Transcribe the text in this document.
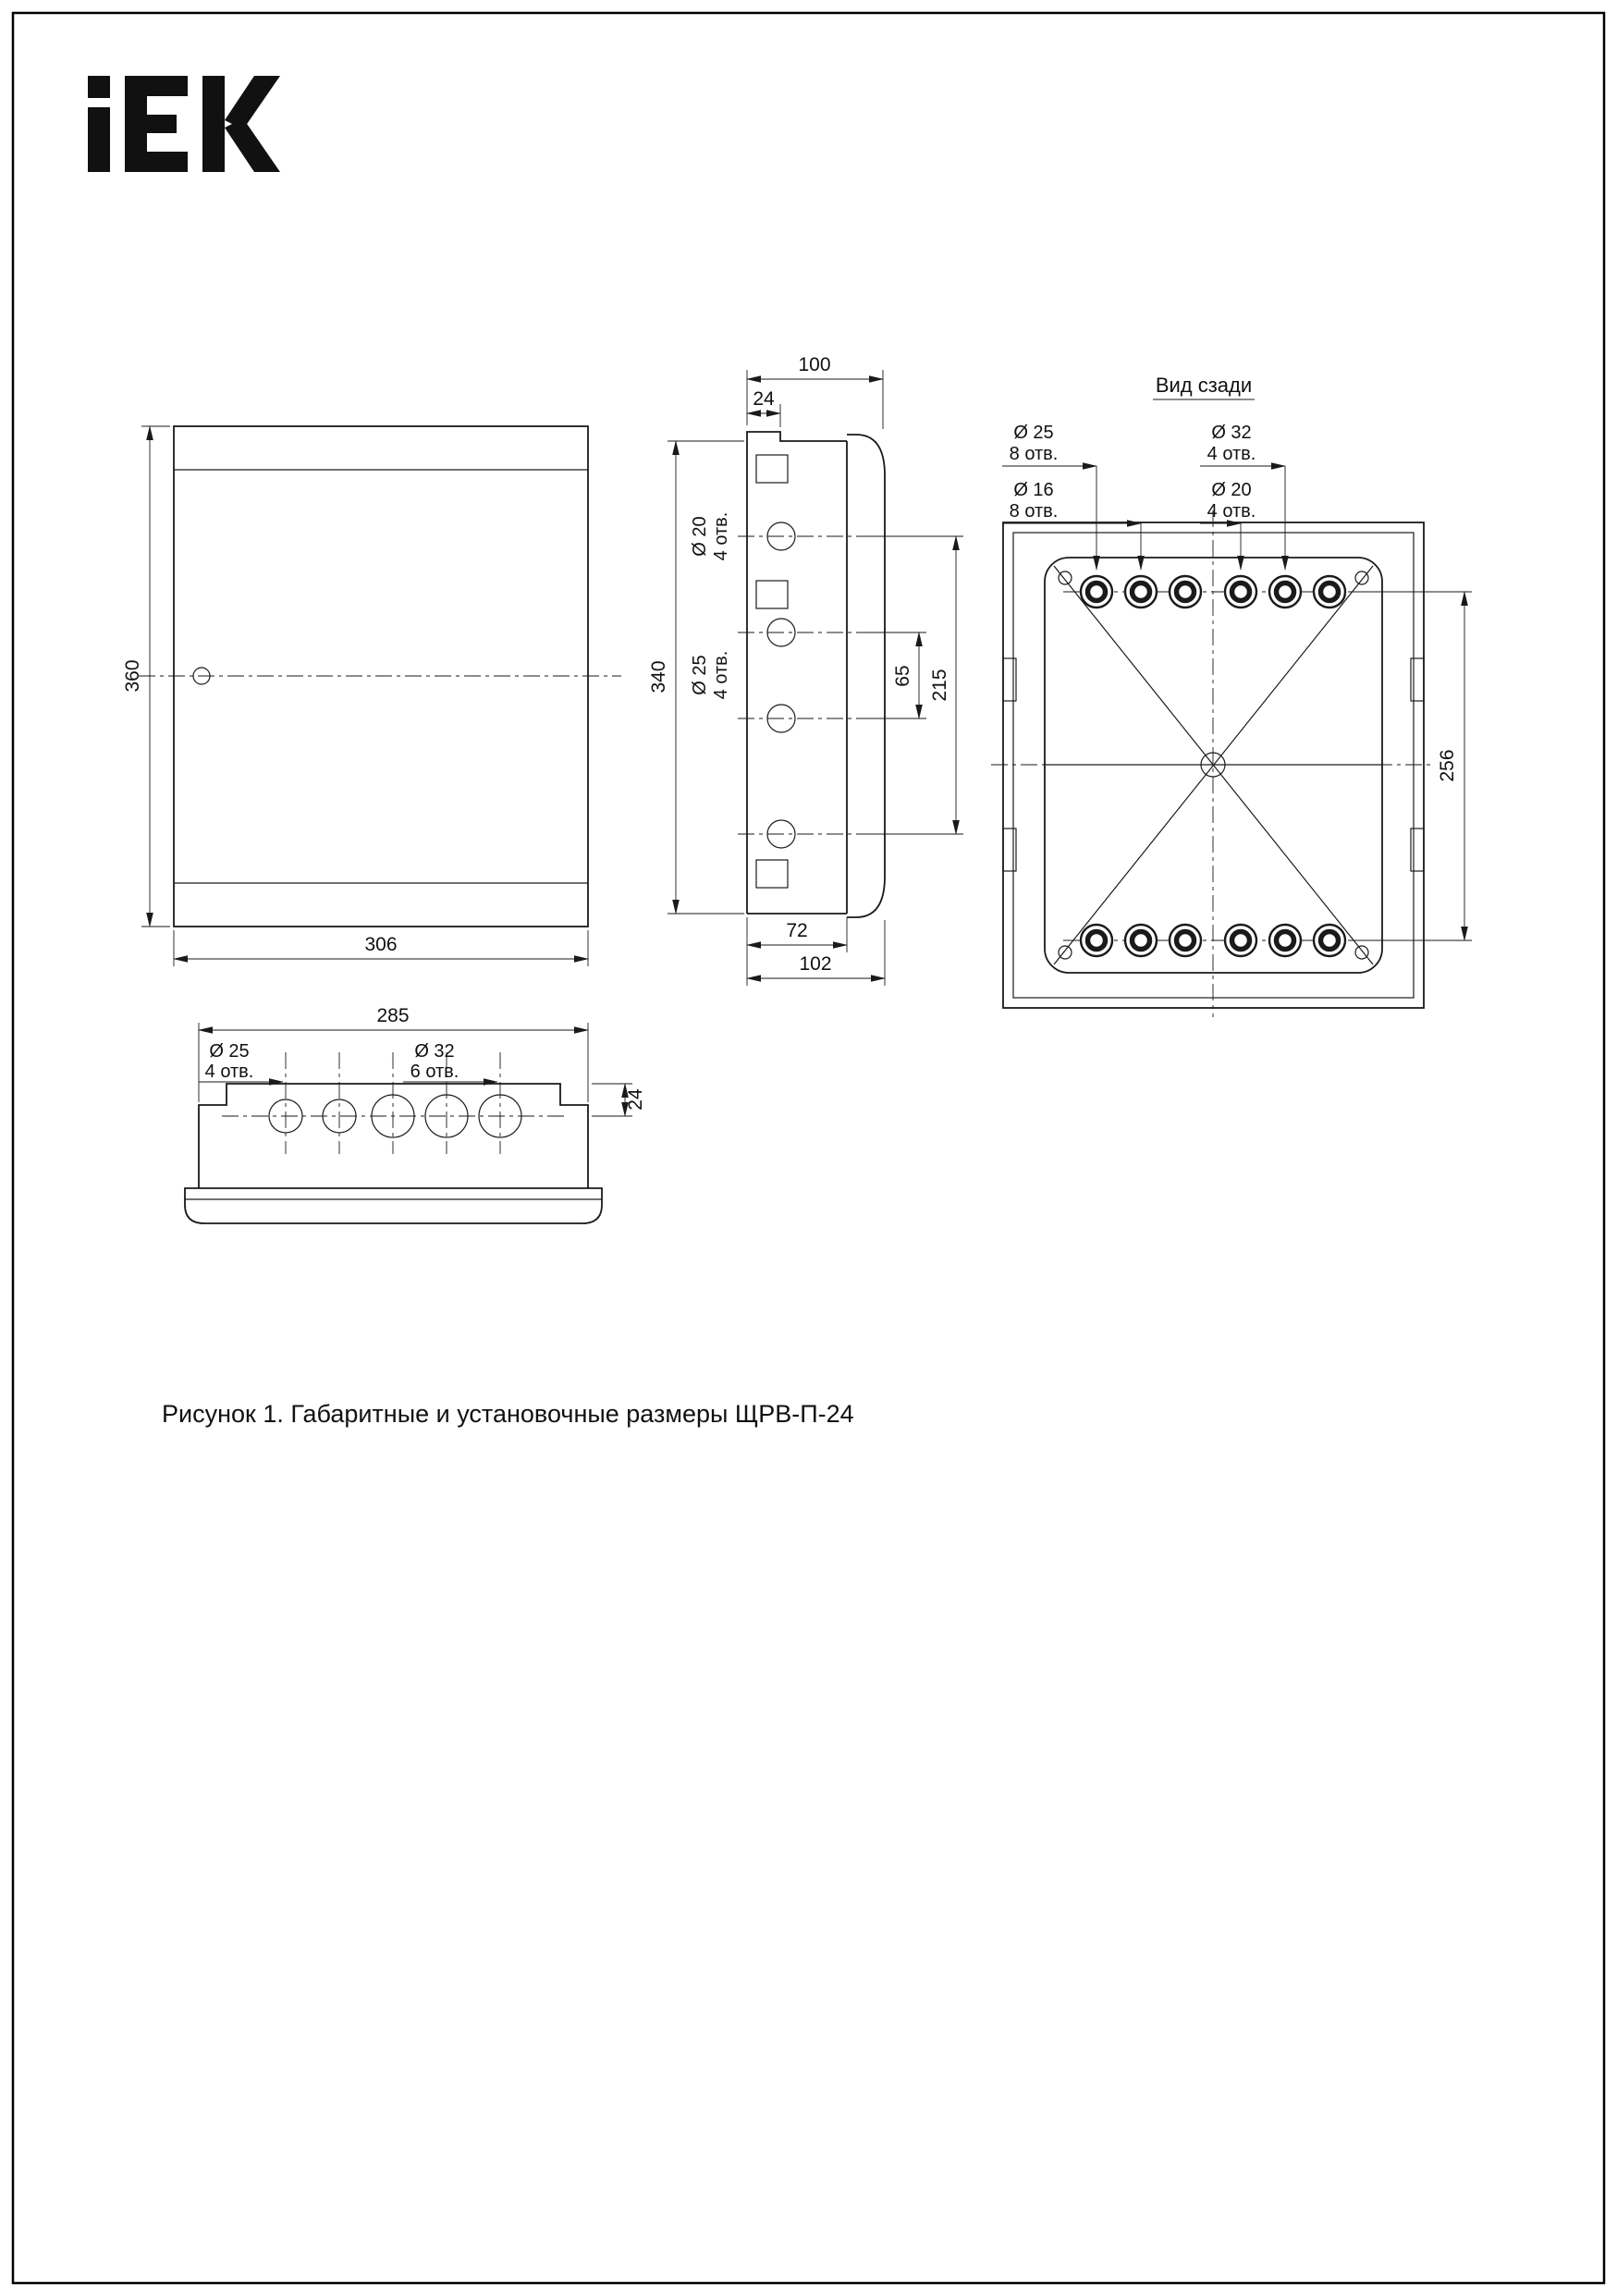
360
306
Ø 20 4 отв.
Ø 25 4 отв.
100
24
340	65 215
72
102
Вид сзади
Ø 25
8 отв.
Ø 16
8 отв.
Ø 32
4 отв.
Ø 20
4 отв.
256
Ø 25
4 отв.
Ø 32
6 отв.
285
24
Рисунок 1. Габаритные и установочные размеры ЩРВ-П-24
